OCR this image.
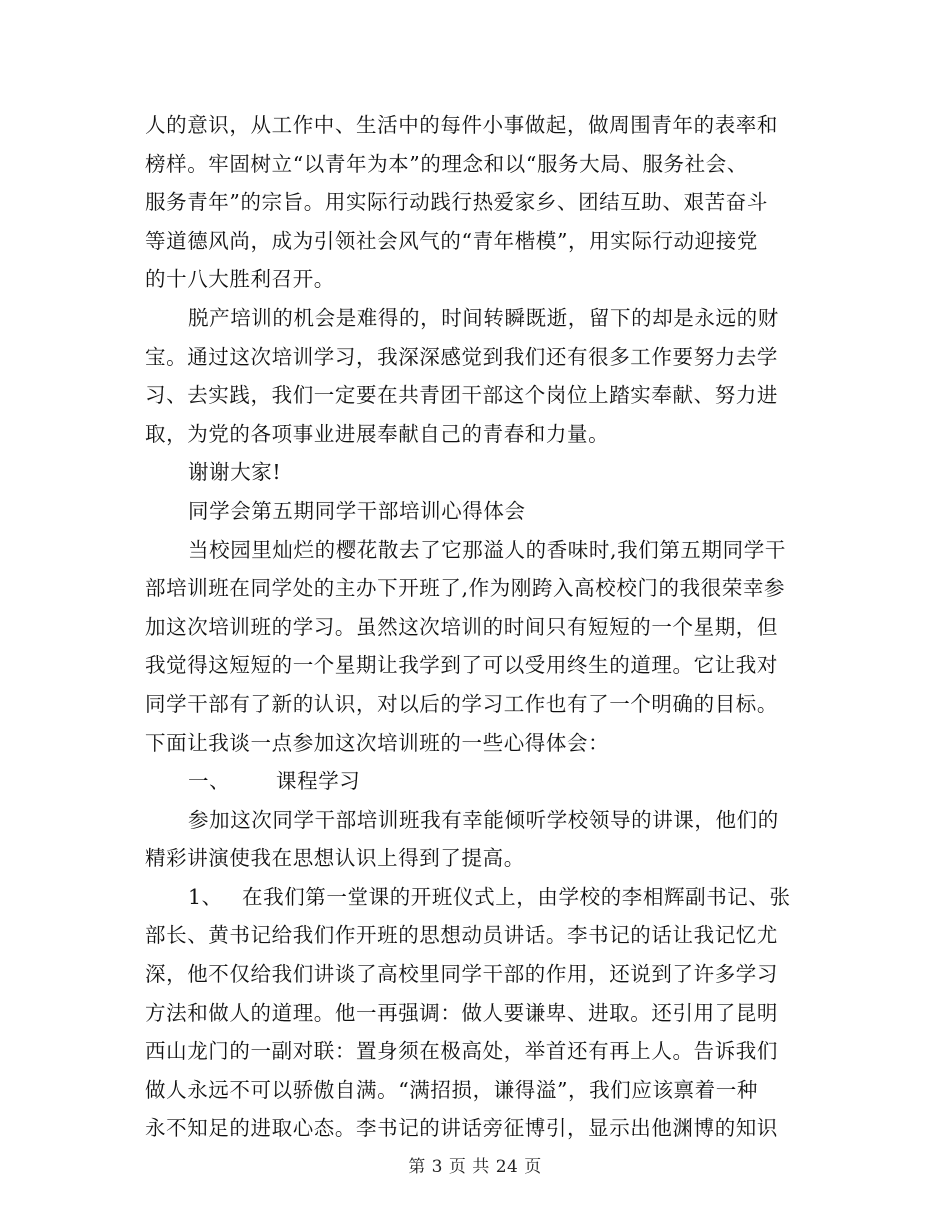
人的意识，从工作中、生活中的每件小事做起，做周围青年的表率和
榜样。牢固树立“以青年为本”的理念和以“服务大局、服务社会、
服务青年”的宗旨。用实际行动践行热爱家乡、团结互助、艰苦奋斗
等道德风尚，成为引领社会风气的“青年楷模”，用实际行动迎接党
的十八大胜利召开。
脱产培训的机会是难得的，时间转瞬既逝，留下的却是永远的财
宝。通过这次培训学习，我深深感觉到我们还有很多工作要努力去学
习、去实践，我们一定要在共青团干部这个岗位上踏实奉献、努力进
取，为党的各项事业进展奉献自己的青春和力量。
谢谢大家!
同学会第五期同学干部培训心得体会
当校园里灿烂的樱花散去了它那溢人的香味时,我们第五期同学干
部培训班在同学处的主办下开班了,作为刚跨入高校校门的我很荣幸参
加这次培训班的学习。虽然这次培训的时间只有短短的一个星期，但
我觉得这短短的一个星期让我学到了可以受用终生的道理。它让我对
同学干部有了新的认识，对以后的学习工作也有了一个明确的目标。
下面让我谈一点参加这次培训班的一些心得体会：
一、 课程学习
参加这次同学干部培训班我有幸能倾听学校领导的讲课，他们的
精彩讲演使我在思想认识上得到了提高。
1、 在我们第一堂课的开班仪式上，由学校的李相辉副书记、张
部长、黄书记给我们作开班的思想动员讲话。李书记的话让我记忆尤
深，他不仅给我们讲谈了高校里同学干部的作用，还说到了许多学习
方法和做人的道理。他一再强调：做人要谦卑、进取。还引用了昆明
西山龙门的一副对联：置身须在极高处，举首还有再上人。告诉我们
做人永远不可以骄傲自满。“满招损，谦得溢”，我们应该禀着一种
永不知足的进取心态。李书记的讲话旁征博引，显示出他渊博的知识
第 3 页 共 24 页
